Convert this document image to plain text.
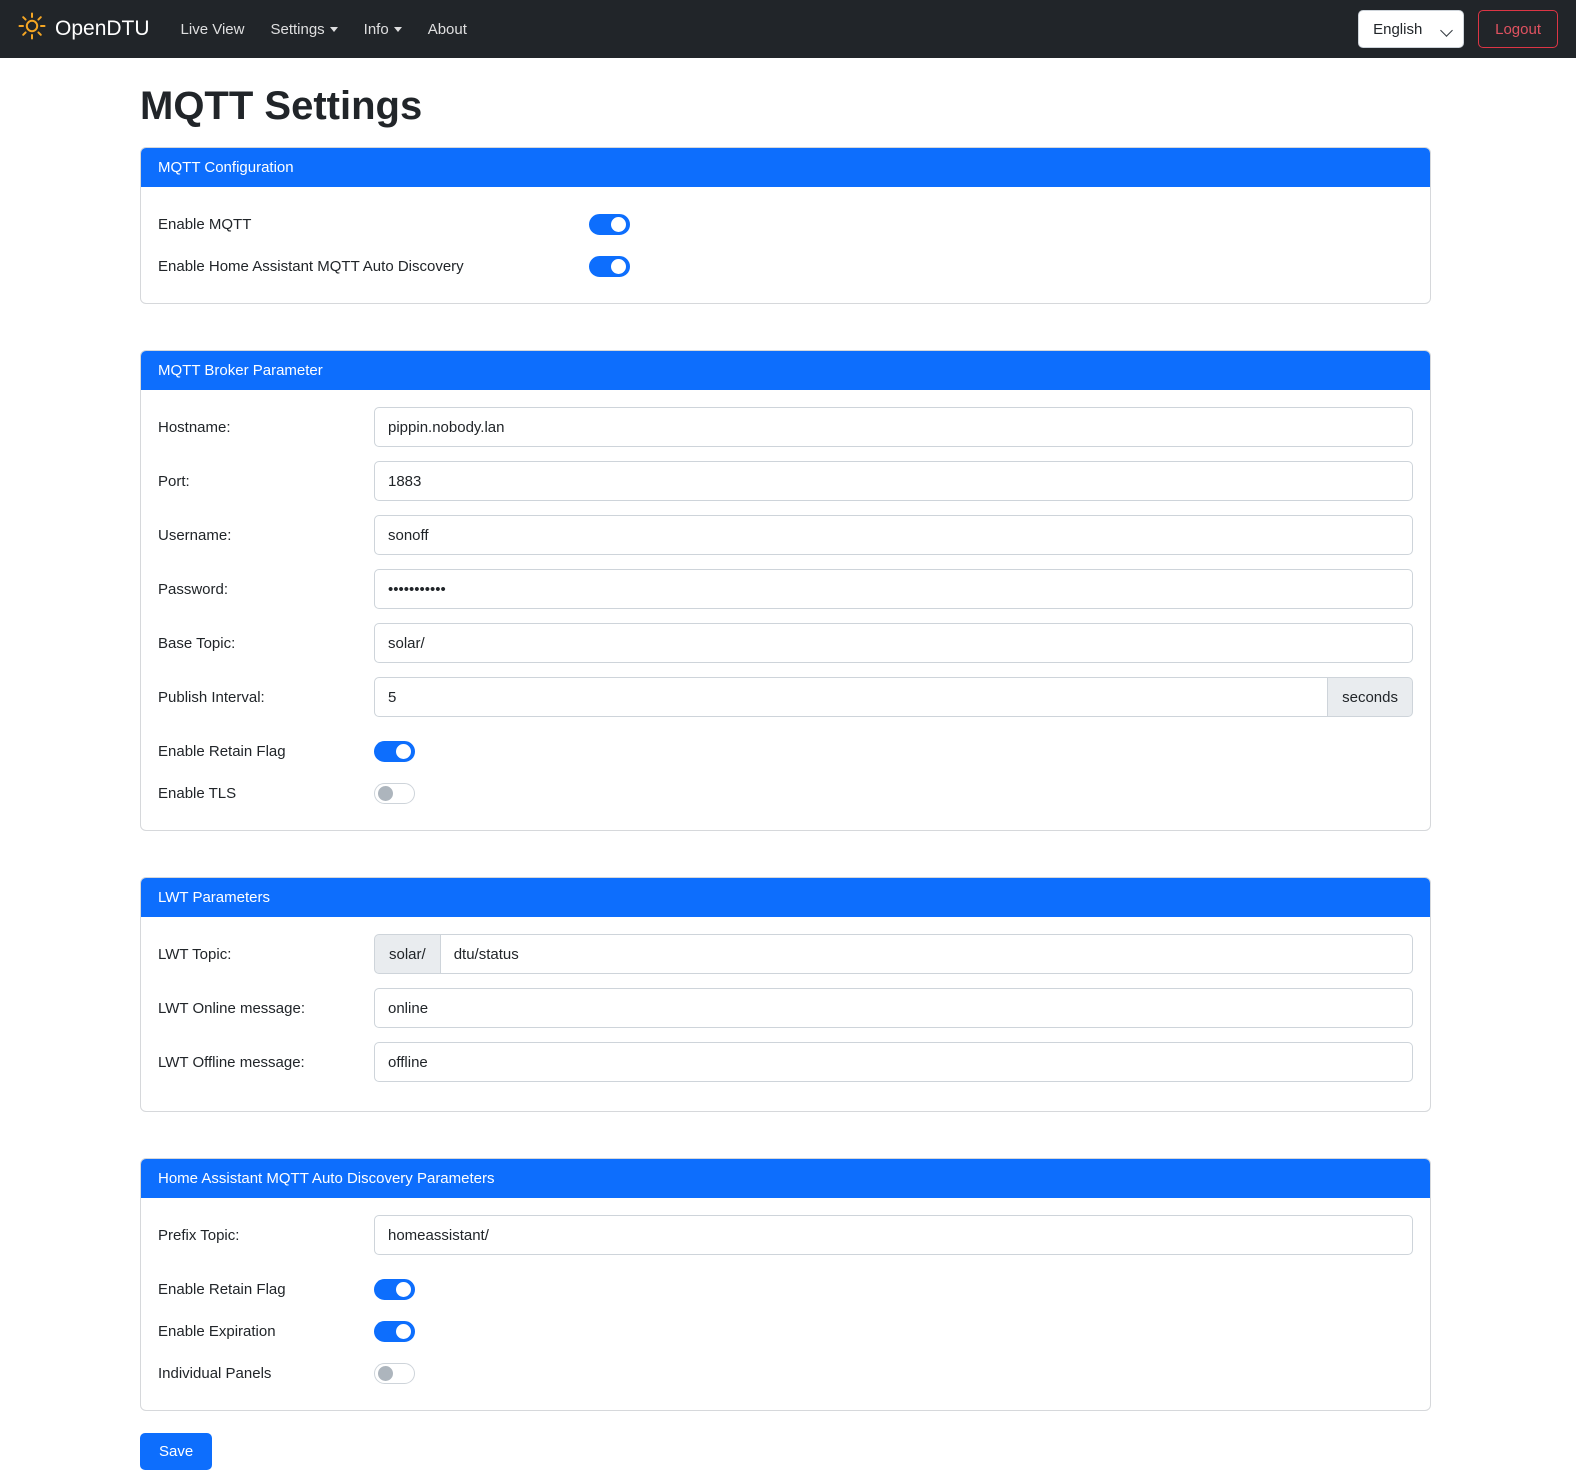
OpenDTU	Live View	Settings	Info	About	English	Logout
MQTT Settings
MQTT Configuration
Enable MQTT
Enable Home Assistant MQTT Auto Discovery
MQTT Broker Parameter
Hostname:
pippin.nobody.lan
Port:
1883
Username:
sonoff
Password:
•••••••••••
Base Topic:
solar/
Publish Interval:
5	seconds
Enable Retain Flag
Enable TLS
LWT Parameters
LWT Topic:	solar/
dtu/status
LWT Online message:
online
LWT Offline message:
offline
Home Assistant MQTT Auto Discovery Parameters
Prefix Topic:
homeassistant/
Enable Retain Flag
Enable Expiration
Individual Panels
Save
